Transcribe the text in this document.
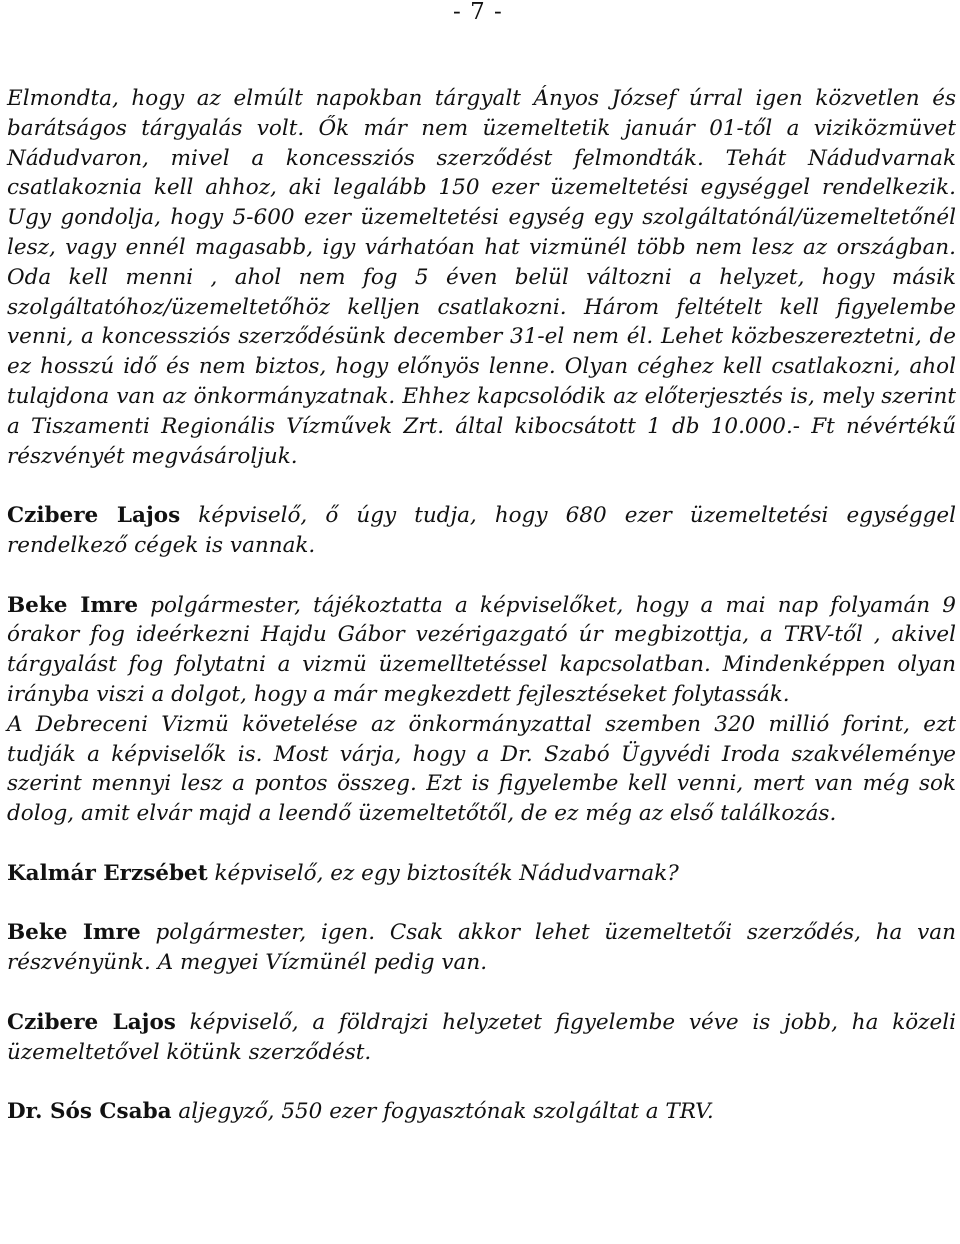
- 7 -

Elmondta, hogy az elmúlt napokban tárgyalt Ányos József úrral igen közvetlen és barátságos tárgyalás volt. Ők már nem üzemeltetik január 01-től a viziközmüvet Nádudvaron, mivel a koncessziós szerződést felmondták. Tehát Nádudvarnak csatlakoznia kell ahhoz, aki legalább 150 ezer üzemeltetési egységgel rendelkezik. Ugy gondolja, hogy 5-600 ezer üzemeltetési egység egy szolgáltatónál/üzemeltetőnél lesz, vagy ennél magasabb, igy várhatóan hat vizmünél több nem lesz az országban. Oda kell menni , ahol nem fog 5 éven belül változni a helyzet, hogy másik szolgáltatóhoz/üzemeltetőhöz kelljen csatlakozni. Három feltételt kell figyelembe venni, a koncessziós szerződésünk december 31-el nem él. Lehet közbeszereztetni, de ez hosszú idő és nem biztos, hogy előnyös lenne. Olyan céghez kell csatlakozni, ahol tulajdona van az önkormányzatnak. Ehhez kapcsolódik az előterjesztés is, mely szerint a Tiszamenti Regionális Vízművek Zrt. által kibocsátott 1 db 10.000.- Ft névértékű részvényét megvásároljuk.

Czibere Lajos képviselő, ő úgy tudja, hogy 680 ezer üzemeltetési egységgel rendelkező cégek is vannak.

Beke Imre polgármester, tájékoztatta a képviselőket, hogy a mai nap folyamán 9 órakor fog ideérkezni Hajdu Gábor vezérigazgató úr megbizottja, a TRV-től , akivel tárgyalást fog folytatni a vizmü üzemelltetéssel kapcsolatban. Mindenképpen olyan irányba viszi a dolgot, hogy a már megkezdett fejlesztéseket folytassák.

A Debreceni Vizmü követelése az önkormányzattal szemben 320 millió forint, ezt tudják a képviselők is. Most várja, hogy a Dr. Szabó Ügyvédi Iroda szakvéleménye szerint mennyi lesz a pontos összeg. Ezt is figyelembe kell venni, mert van még sok dolog, amit elvár majd a leendő üzemeltetőtől, de ez még az első találkozás.

Kalmár Erzsébet képviselő, ez egy biztosíték Nádudvarnak?

Beke Imre polgármester, igen. Csak akkor lehet üzemeltetői szerződés, ha van részvényünk. A megyei Vízmünél pedig van.

Czibere Lajos képviselő, a földrajzi helyzetet figyelembe véve is jobb, ha közeli üzemeltetővel kötünk szerződést.

Dr. Sós Csaba aljegyző, 550 ezer fogyasztónak szolgáltat a TRV.
